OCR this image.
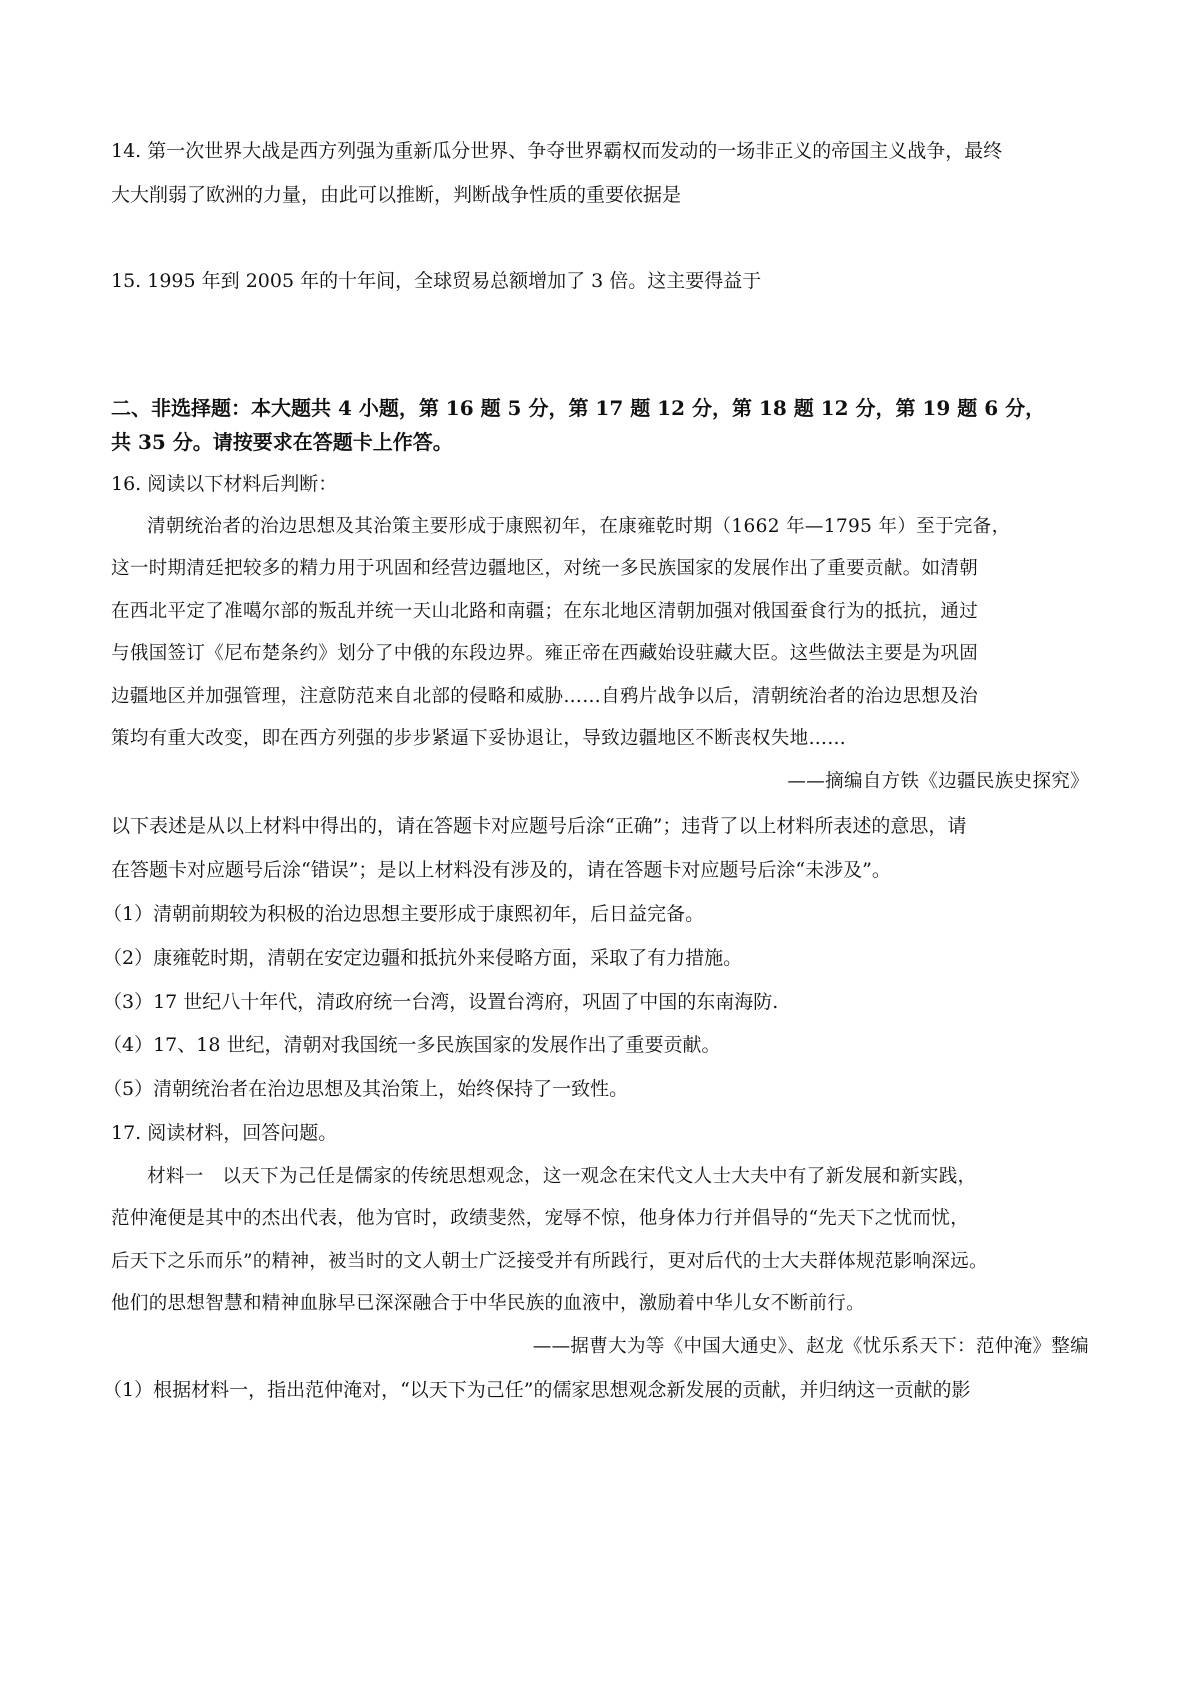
14. 第一次世界大战是西方列强为重新瓜分世界、争夺世界霸权而发动的一场非正义的帝国主义战争，最终
大大削弱了欧洲的力量，由此可以推断，判断战争性质的重要依据是
15. 1995 年到 2005 年的十年间，全球贸易总额增加了 3 倍。这主要得益于
二、非选择题：本大题共 4 小题，第 16 题 5 分，第 17 题 12 分，第 18 题 12 分，第 19 题 6 分，
共 35 分。请按要求在答题卡上作答。
16. 阅读以下材料后判断：
清朝统治者的治边思想及其治策主要形成于康熙初年，在康雍乾时期（1662 年—1795 年）至于完备，
这一时期清廷把较多的精力用于巩固和经营边疆地区，对统一多民族国家的发展作出了重要贡献。如清朝
在西北平定了准噶尔部的叛乱并统一天山北路和南疆；在东北地区清朝加强对俄国蚕食行为的抵抗，通过
与俄国签订《尼布楚条约》划分了中俄的东段边界。雍正帝在西藏始设驻藏大臣。这些做法主要是为巩固
边疆地区并加强管理，注意防范来自北部的侵略和威胁……自鸦片战争以后，清朝统治者的治边思想及治
策均有重大改变，即在西方列强的步步紧逼下妥协退让，导致边疆地区不断丧权失地……
——摘编自方铁《边疆民族史探究》
以下表述是从以上材料中得出的，请在答题卡对应题号后涂“正确”；违背了以上材料所表述的意思，请
在答题卡对应题号后涂“错误”；是以上材料没有涉及的，请在答题卡对应题号后涂“未涉及”。
（1）清朝前期较为积极的治边思想主要形成于康熙初年，后日益完备。
（2）康雍乾时期，清朝在安定边疆和抵抗外来侵略方面，采取了有力措施。
（3）17 世纪八十年代，清政府统一台湾，设置台湾府，巩固了中国的东南海防.
（4）17、18 世纪，清朝对我国统一多民族国家的发展作出了重要贡献。
（5）清朝统治者在治边思想及其治策上，始终保持了一致性。
17. 阅读材料，回答问题。
材料一　以天下为己任是儒家的传统思想观念，这一观念在宋代文人士大夫中有了新发展和新实践，
范仲淹便是其中的杰出代表，他为官时，政绩斐然，宠辱不惊，他身体力行并倡导的“先天下之忧而忧，
后天下之乐而乐”的精神，被当时的文人朝士广泛接受并有所践行，更对后代的士大夫群体规范影响深远。
他们的思想智慧和精神血脉早已深深融合于中华民族的血液中，激励着中华儿女不断前行。
——据曹大为等《中国大通史》、赵龙《忧乐系天下：范仲淹》整编
（1）根据材料一，指出范仲淹对，“以天下为己任”的儒家思想观念新发展的贡献，并归纳这一贡献的影
